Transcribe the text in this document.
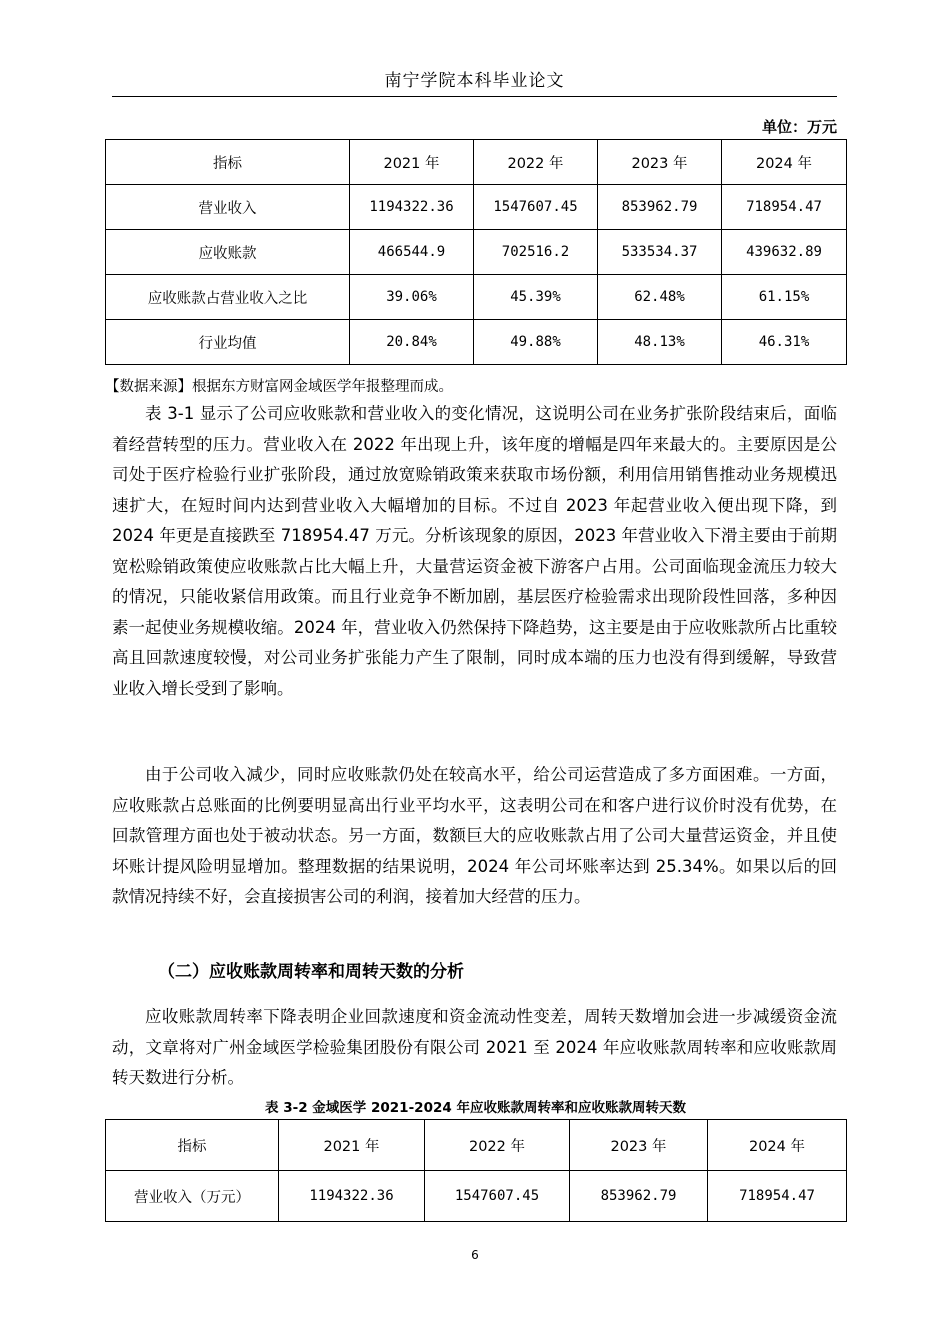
南宁学院本科毕业论文
单位：万元
指标	2021 年	2022 年	2023 年	2024 年
营业收入	1194322.36	1547607.45	853962.79	718954.47
应收账款	466544.9	702516.2	533534.37	439632.89
应收账款占营业收入之比	39.06%	45.39%	62.48%	61.15%
行业均值	20.84%	49.88%	48.13%	46.31%
【数据来源】根据东方财富网金域医学年报整理而成。

表 3-1 显示了公司应收账款和营业收入的变化情况，这说明公司在业务扩张阶段结束后，面临着经营转型的压力。营业收入在 2022 年出现上升，该年度的增幅是四年来最大的。主要原因是公司处于医疗检验行业扩张阶段，通过放宽赊销政策来获取市场份额，利用信用销售推动业务规模迅速扩大，在短时间内达到营业收入大幅增加的目标。不过自 2023 年起营业收入便出现下降，到 2024 年更是直接跌至 718954.47 万元。分析该现象的原因，2023 年营业收入下滑主要由于前期宽松赊销政策使应收账款占比大幅上升，大量营运资金被下游客户占用。公司面临现金流压力较大的情况，只能收紧信用政策。而且行业竞争不断加剧，基层医疗检验需求出现阶段性回落，多种因素一起使业务规模收缩。2024 年，营业收入仍然保持下降趋势，这主要是由于应收账款所占比重较高且回款速度较慢，对公司业务扩张能力产生了限制，同时成本端的压力也没有得到缓解，导致营业收入增长受到了影响。

由于公司收入减少，同时应收账款仍处在较高水平，给公司运营造成了多方面困难。一方面，应收账款占总账面的比例要明显高出行业平均水平，这表明公司在和客户进行议价时没有优势，在回款管理方面也处于被动状态。另一方面，数额巨大的应收账款占用了公司大量营运资金，并且使坏账计提风险明显增加。整理数据的结果说明，2024 年公司坏账率达到 25.34%。如果以后的回款情况持续不好，会直接损害公司的利润，接着加大经营的压力。

（二）应收账款周转率和周转天数的分析

应收账款周转率下降表明企业回款速度和资金流动性变差，周转天数增加会进一步减缓资金流动，文章将对广州金域医学检验集团股份有限公司 2021 至 2024 年应收账款周转率和应收账款周转天数进行分析。

表 3-2 金域医学 2021-2024 年应收账款周转率和应收账款周转天数
指标	2021 年	2022 年	2023 年	2024 年
营业收入（万元）	1194322.36	1547607.45	853962.79	718954.47
6
